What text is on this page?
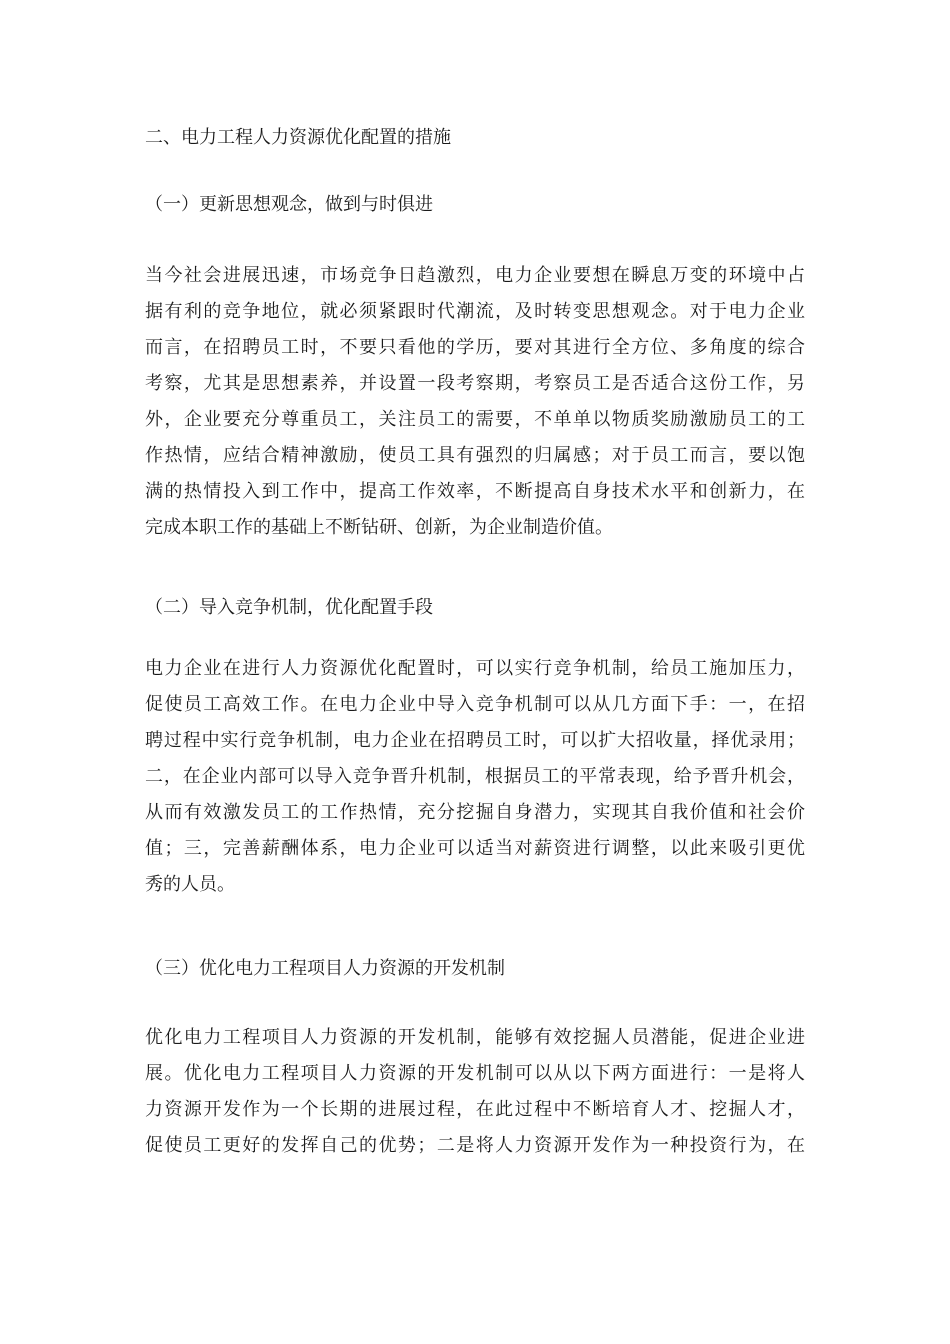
二、电力工程人力资源优化配置的措施
（一）更新思想观念，做到与时俱进
当今社会进展迅速，市场竞争日趋激烈，电力企业要想在瞬息万变的环境中占
据有利的竞争地位，就必须紧跟时代潮流，及时转变思想观念。对于电力企业
而言，在招聘员工时，不要只看他的学历，要对其进行全方位、多角度的综合
考察，尤其是思想素养，并设置一段考察期，考察员工是否适合这份工作，另
外，企业要充分尊重员工，关注员工的需要，不单单以物质奖励激励员工的工
作热情，应结合精神激励，使员工具有强烈的归属感；对于员工而言，要以饱
满的热情投入到工作中，提高工作效率，不断提高自身技术水平和创新力，在
完成本职工作的基础上不断钻研、创新，为企业制造价值。
（二）导入竞争机制，优化配置手段
电力企业在进行人力资源优化配置时，可以实行竞争机制，给员工施加压力，
促使员工高效工作。在电力企业中导入竞争机制可以从几方面下手：一，在招
聘过程中实行竞争机制，电力企业在招聘员工时，可以扩大招收量，择优录用；
二，在企业内部可以导入竞争晋升机制，根据员工的平常表现，给予晋升机会，
从而有效激发员工的工作热情，充分挖掘自身潜力，实现其自我价值和社会价
值；三，完善薪酬体系，电力企业可以适当对薪资进行调整，以此来吸引更优
秀的人员。
（三）优化电力工程项目人力资源的开发机制
优化电力工程项目人力资源的开发机制，能够有效挖掘人员潜能，促进企业进
展。优化电力工程项目人力资源的开发机制可以从以下两方面进行：一是将人
力资源开发作为一个长期的进展过程，在此过程中不断培育人才、挖掘人才，
促使员工更好的发挥自己的优势；二是将人力资源开发作为一种投资行为，在
